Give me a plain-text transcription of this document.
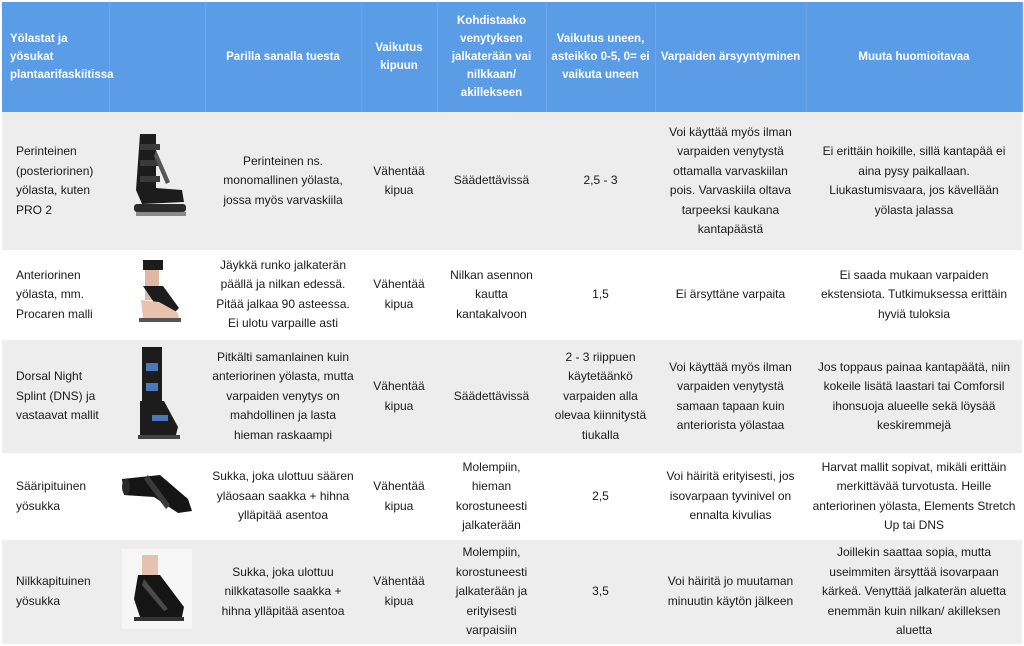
Yölastat ja yösukat plantaarifaskiitissa		Parilla sanalla tuesta	Vaikutus kipuun	Kohdistaako venytyksen jalkaterään vai nilkkaan/ akillekseen	Vaikutus uneen, asteikko 0-5, 0= ei vaikuta uneen	Varpaiden ärsyyntyminen	Muuta huomioitavaa
Perinteinen (posteriorinen) yölasta, kuten PRO 2		Perinteinen ns. monomallinen yölasta, jossa myös varvaskiila	Vähentää kipua	Säädettävissä	2,5 - 3	Voi käyttää myös ilman varpaiden venytystä ottamalla varvaskiilan pois. Varvaskiila oltava tarpeeksi kaukana kantapäästä	Ei erittäin hoikille, sillä kantapää ei aina pysy paikallaan. Liukastumisvaara, jos kävellään yölasta jalassa
Anteriorinen yölasta, mm. Procaren malli		Jäykkä runko jalkaterän päällä ja nilkan edessä. Pitää jalkaa 90 asteessa. Ei ulotu varpaille asti	Vähentää kipua	Nilkan asennon kautta kantakalvoon	1,5	Ei ärsyttäne varpaita	Ei saada mukaan varpaiden ekstensiota. Tutkimuksessa erittäin hyviä tuloksia
Dorsal Night Splint (DNS) ja vastaavat mallit		Pitkälti samanlainen kuin anteriorinen yölasta, mutta varpaiden venytys on mahdollinen ja lasta hieman raskaampi	Vähentää kipua	Säädettävissä	2 - 3 riippuen käytetäänkö varpaiden alla olevaa kiinnitystä tiukalla	Voi käyttää myös ilman varpaiden venytystä samaan tapaan kuin anteriorista yölastaa	Jos toppaus painaa kantapäätä, niin kokeile lisätä laastari tai Comforsil ihonsuoja alueelle sekä löysää keskiremmejä
Sääripituinen yösukka		Sukka, joka ulottuu säären yläosaan saakka + hihna ylläpitää asentoa	Vähentää kipua	Molempiin, hieman korostuneesti jalkaterään	2,5	Voi häiritä erityisesti, jos isovarpaan tyvinivel on ennalta kivulias	Harvat mallit sopivat, mikäli erittäin merkittävää turvotusta. Heille anteriorinen yölasta, Elements Stretch Up tai DNS
Nilkkapituinen yösukka		Sukka, joka ulottuu nilkkatasolle saakka + hihna ylläpitää asentoa	Vähentää kipua	Molempiin, korostuneesti jalkaterään ja erityisesti varpaisiin	3,5	Voi häiritä jo muutaman minuutin käytön jälkeen	Joillekin saattaa sopia, mutta useimmiten ärsyttää isovarpaan kärkeä. Venyttää jalkaterän aluetta enemmän kuin nilkan/ akilleksen aluetta
